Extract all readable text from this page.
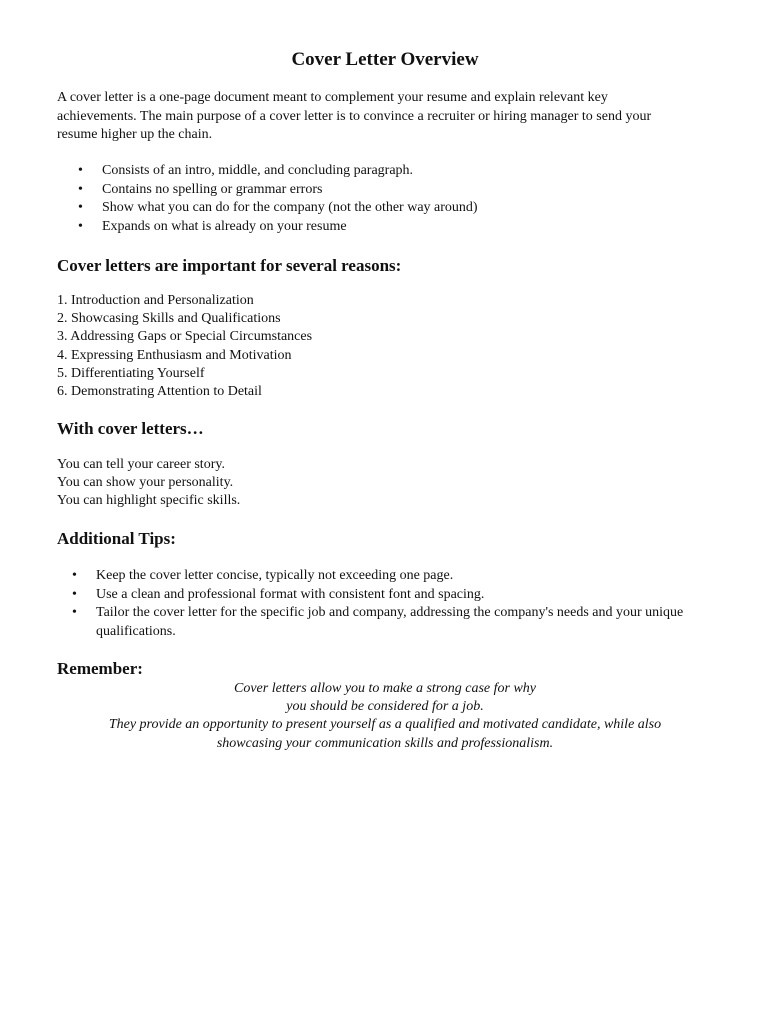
Cover Letter Overview
A cover letter is a one-page document meant to complement your resume and explain relevant key
achievements. The main purpose of a cover letter is to convince a recruiter or hiring manager to send your
resume higher up the chain.
• Consists of an intro, middle, and concluding paragraph.
• Contains no spelling or grammar errors
• Show what you can do for the company (not the other way around)
• Expands on what is already on your resume
Cover letters are important for several reasons:
1. Introduction and Personalization
2. Showcasing Skills and Qualifications
3. Addressing Gaps or Special Circumstances
4. Expressing Enthusiasm and Motivation
5. Differentiating Yourself
6. Demonstrating Attention to Detail
With cover letters…
You can tell your career story.
You can show your personality.
You can highlight specific skills.
Additional Tips:
• Keep the cover letter concise, typically not exceeding one page.
• Use a clean and professional format with consistent font and spacing.
• Tailor the cover letter for the specific job and company, addressing the company's needs and your unique qualifications.
Remember:
Cover letters allow you to make a strong case for why
you should be considered for a job.
They provide an opportunity to present yourself as a qualified and motivated candidate, while also
showcasing your communication skills and professionalism.
